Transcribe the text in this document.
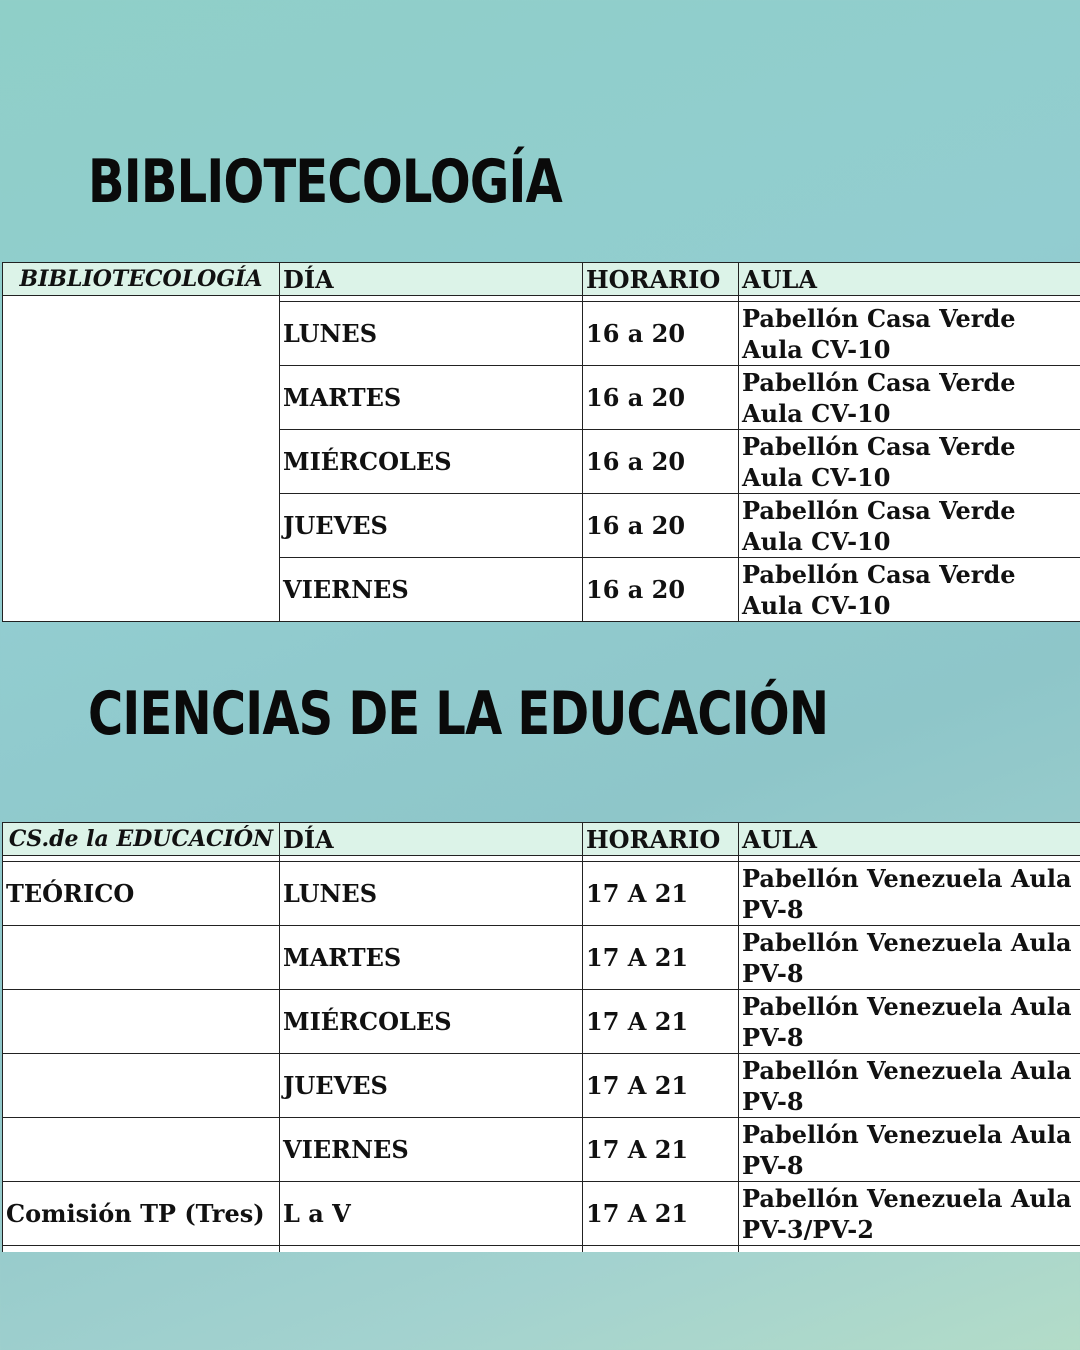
BIBLIOTECOLOGÍA
BIBLIOTECOLOGÍA	DÍA	HORARIO	AULA

	LUNES	16 a 20	Pabellón Casa Verde Aula CV-10
	MARTES	16 a 20	Pabellón Casa Verde Aula CV-10
	MIÉRCOLES	16 a 20	Pabellón Casa Verde Aula CV-10
	JUEVES	16 a 20	Pabellón Casa Verde Aula CV-10
	VIERNES	16 a 20	Pabellón Casa Verde Aula CV-10
CIENCIAS DE LA EDUCACIÓN
CS.de la EDUCACIÓN	DÍA	HORARIO	AULA

TEÓRICO	LUNES	17 A 21	Pabellón Venezuela Aula PV-8
	MARTES	17 A 21	Pabellón Venezuela Aula PV-8
	MIÉRCOLES	17 A 21	Pabellón Venezuela Aula PV-8
	JUEVES	17 A 21	Pabellón Venezuela Aula PV-8
	VIERNES	17 A 21	Pabellón Venezuela Aula PV-8
Comisión TP (Tres)	L a V	17 A 21	Pabellón Venezuela Aula PV-3/PV-2
